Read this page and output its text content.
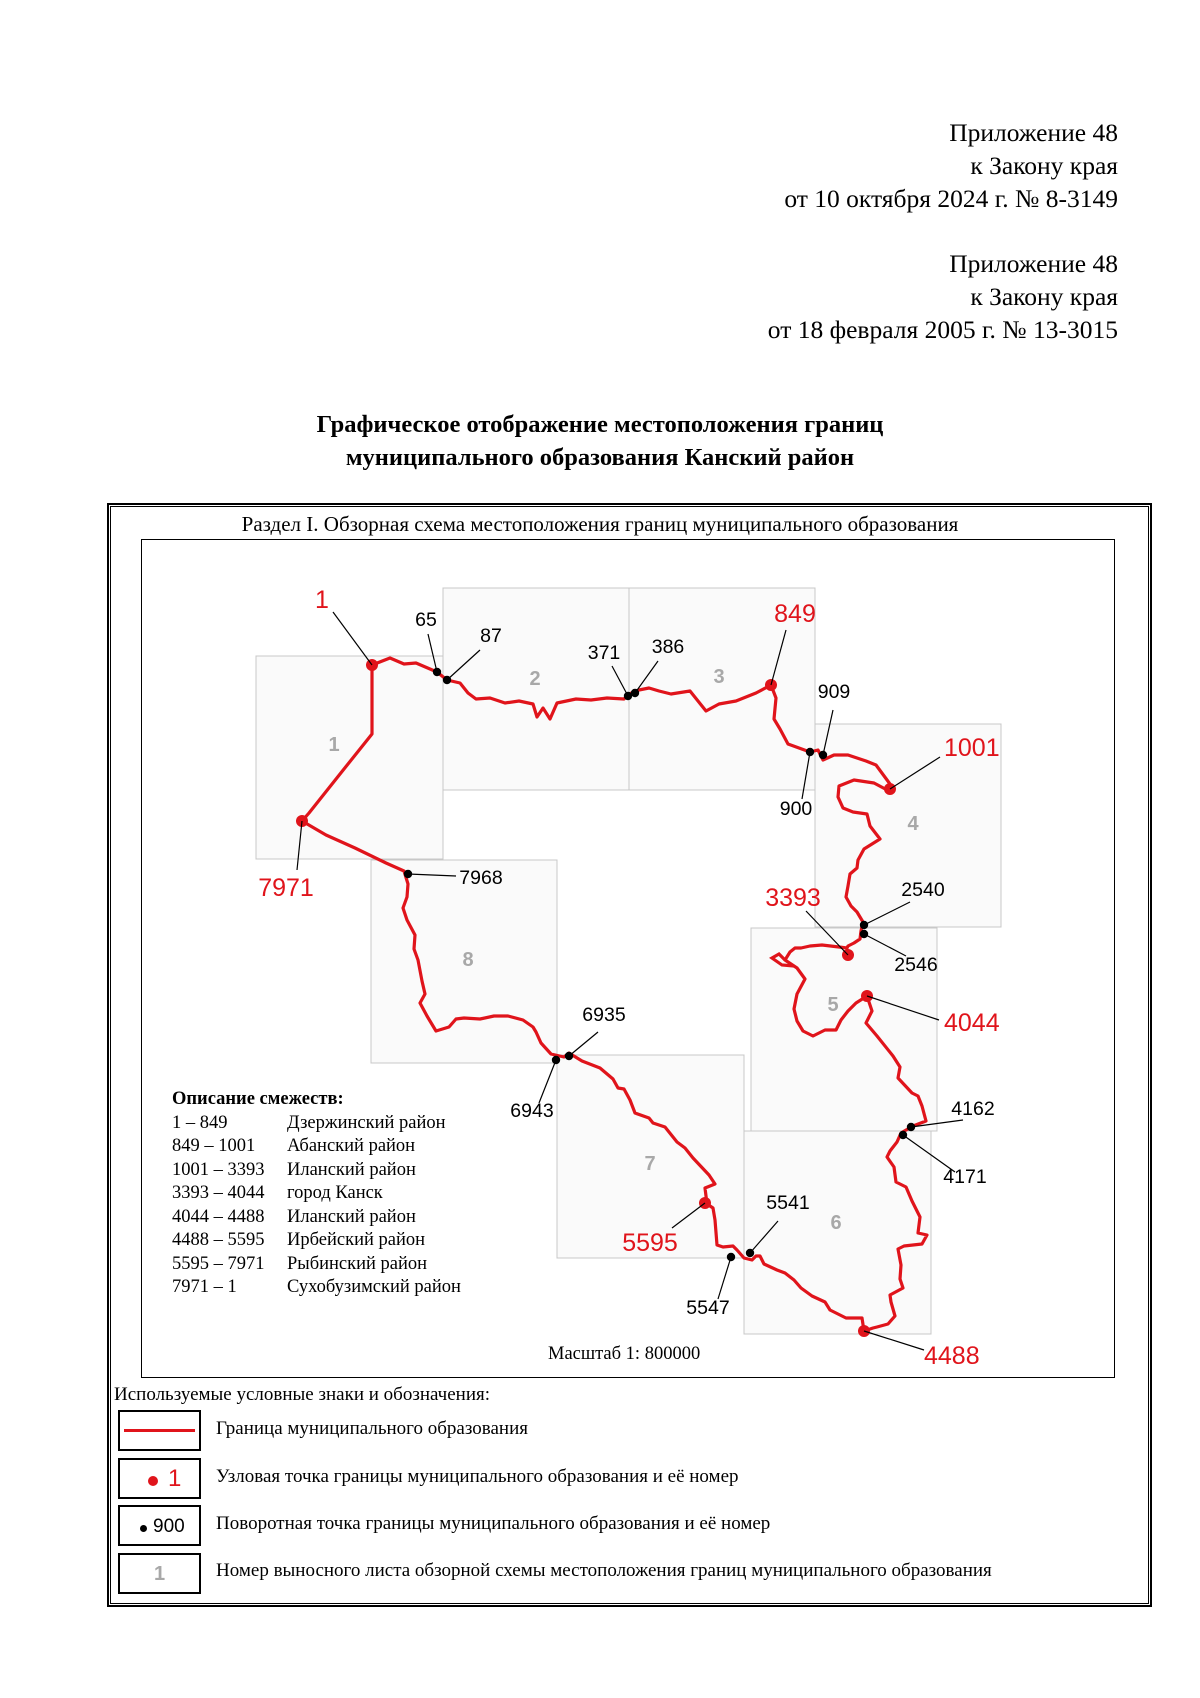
Приложение 48
к Закону края
от 10 октября 2024 г. № 8-3149
Приложение 48
к Закону края
от 18 февраля 2005 г. № 13-3015
Графическое отображение местоположения границ
муниципального образования Канский район
Раздел I. Обзорная схема местоположения границ муниципального образования
1
2	3
4
5
6
7
8
1	849
1001
3393
4044
4488
5595
7971
65
87
371 386
909
900
2540
2546
4162
4171
5541
5547
6935
6943
7968
Описание смежеств:
1 – 849	Дзержинский район
849 – 1001	Абанский район
1001 – 3393	Иланский район
3393 – 4044	город Канск
4044 – 4488	Иланский район
4488 – 5595	Ирбейский район
5595 – 7971	Рыбинский район
7971 – 1	Сухобузимский район
Масштаб 1: 800000
Используемые условные знаки и обозначения:
Граница муниципального образования
1 Узловая точка границы муниципального образования и её номер
900 Поворотная точка границы муниципального образования и её номер
1	Номер выносного листа обзорной схемы местоположения границ муниципального образования
